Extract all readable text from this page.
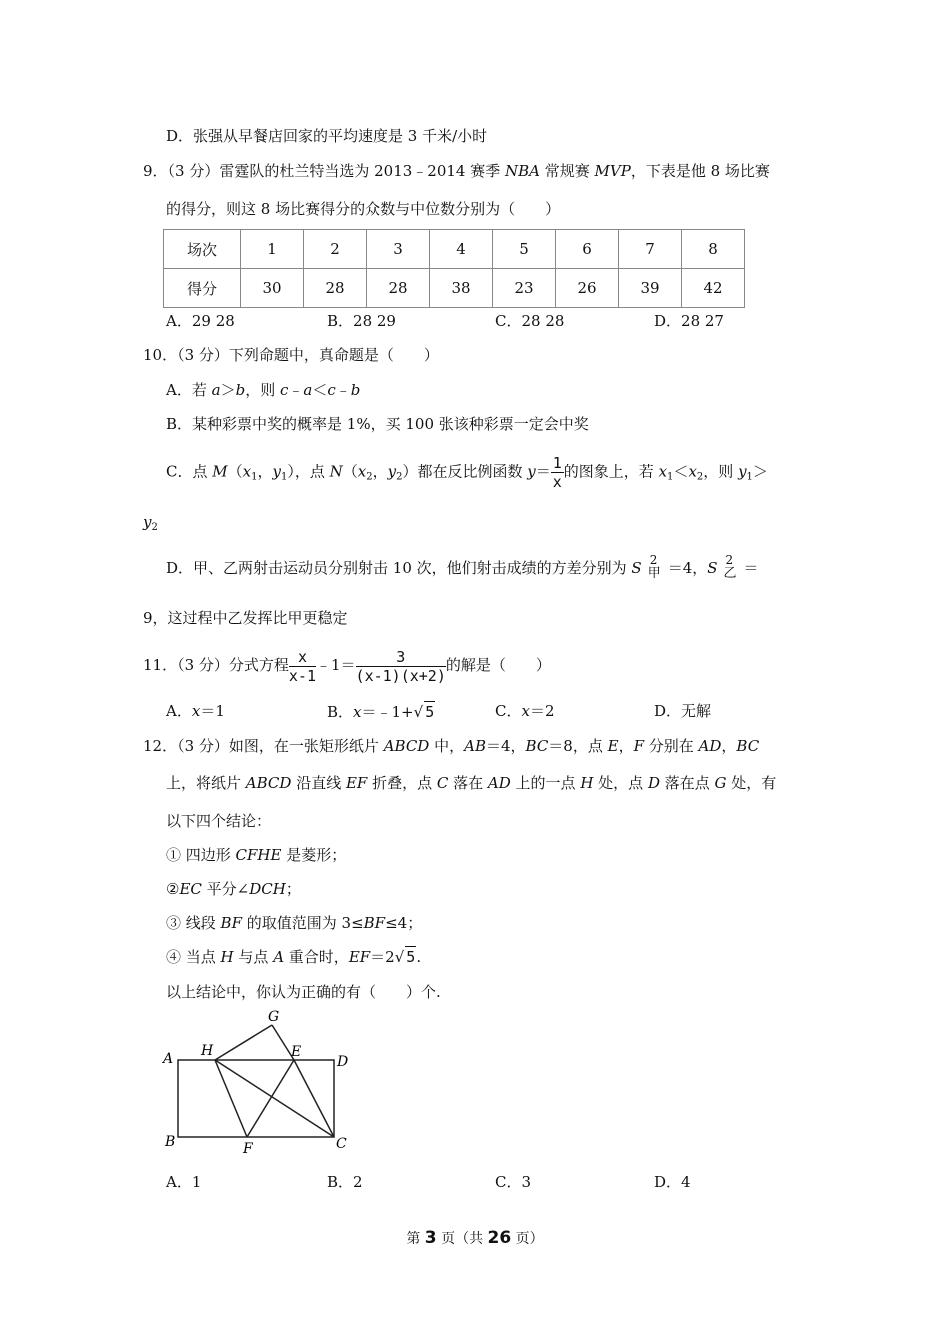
D．张强从早餐店回家的平均速度是 3 千米/小时
9．（3 分）雷霆队的杜兰特当选为 2013﹣2014 赛季 NBA 常规赛 MVP，下表是他 8 场比赛
的得分，则这 8 场比赛得分的众数与中位数分别为（　　）
场次	1	2	3	4	5	6	7	8
得分	30	28	28	38	23	26	39	42
A．29 28	B．28 29	C．28 28	D．28 27
10．（3 分）下列命题中，真命题是（　　）
A．若 a＞b，则 c﹣a＜c﹣b
B．某种彩票中奖的概率是 1%，买 100 张该种彩票一定会中奖
C．点 $M(x_1$，$y_1$），点 $N(x_2$，$y_2$）都在反比例函数 $y= \frac{1}{x}$ 的图象上，若 $x_1<x_2$，则 $y_1>$
$y_2$
D．甲、乙两射击运动员分别射击 10 次，他们射击成绩的方差分别为 S 2
甲 ＝4，S 2
乙 ＝
9，这过程中乙发挥比甲更稳定
11．（3 分）分式方程 $\frac{x}{x-1}$ ﹣1＝ $\frac{3}{(x-1)(x+2)}$ 的解是（　　）
A．x＝1	B．x＝﹣1+√ 5	C．x＝2	D．无解
12．（3 分）如图，在一张矩形纸片 ABCD 中，AB＝4，BC＝8，点 E，F 分别在 AD，BC
上，将纸片 ABCD 沿直线 EF 折叠，点 C 落在 AD 上的一点 H 处，点 D 落在点 G 处，有
以下四个结论：
① 四边形 CFHE 是菱形；
②EC 平分∠DCH；
③ 线段 BF 的取值范围为 3≤BF≤4；
④ 当点 H 与点 A 重合时，EF＝2√ 5.
以上结论中，你认为正确的有（　　）个.
A
B	C
D
E
F
G
H
A．1	B．2	C．3	D．4
第 3 页（共 26 页）
